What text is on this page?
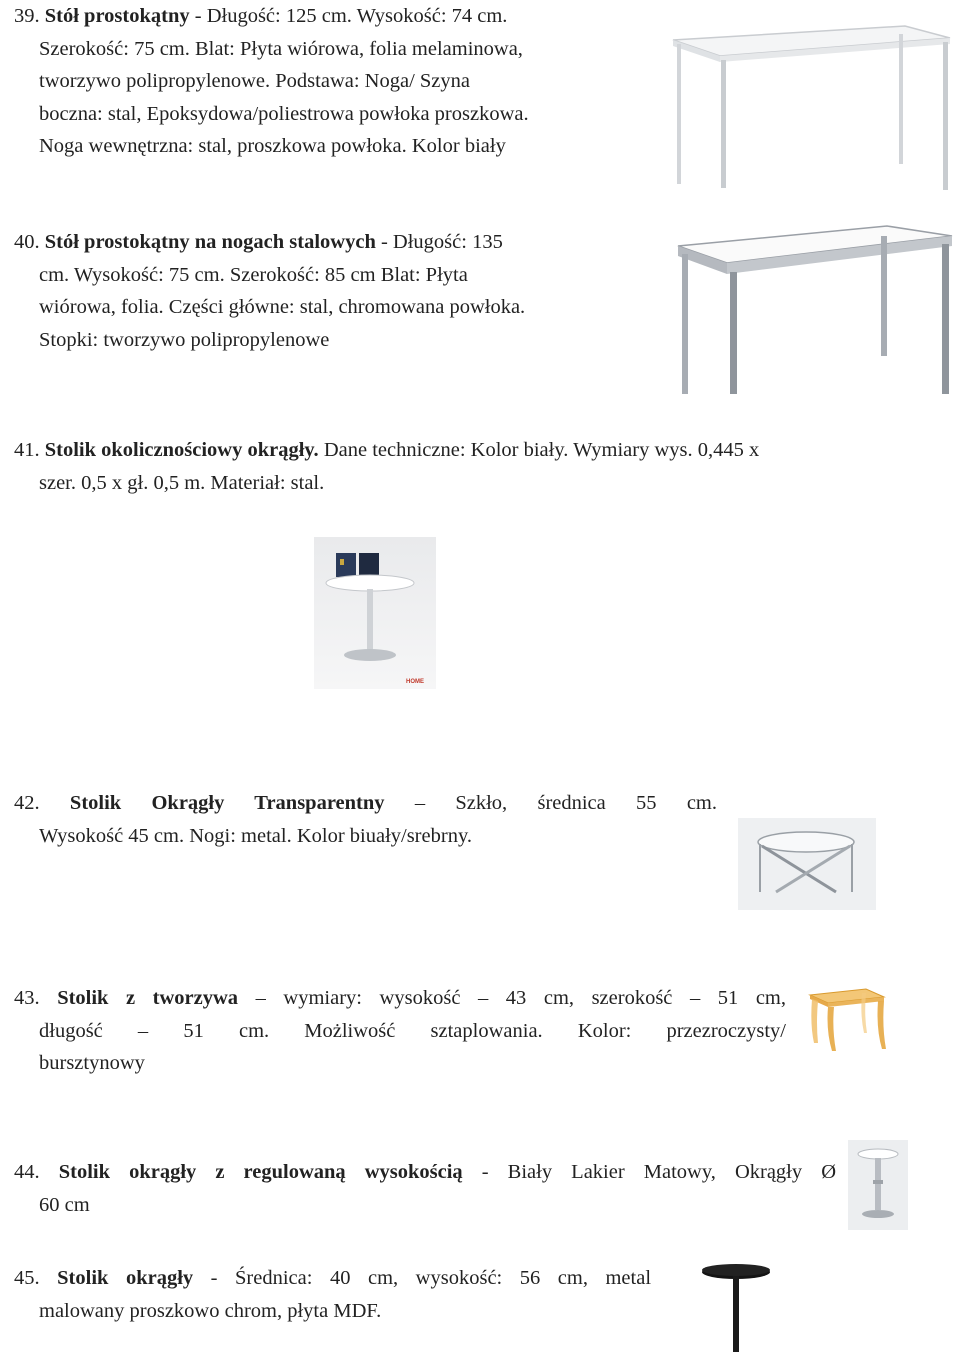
39. Stół prostokątny - Długość: 125 cm. Wysokość: 74 cm.
Szerokość: 75 cm. Blat: Płyta wiórowa, folia melaminowa,
tworzywo polipropylenowe. Podstawa: Noga/ Szyna
boczna: stal, Epoksydowa/poliestrowa powłoka proszkowa.
Noga wewnętrzna: stal, proszkowa powłoka. Kolor biały
40. Stół prostokątny na nogach stalowych - Długość: 135
cm. Wysokość: 75 cm. Szerokość: 85 cm Blat: Płyta
wiórowa, folia. Części główne: stal, chromowana powłoka.
Stopki: tworzywo polipropylenowe
41. Stolik okolicznościowy okrągły. Dane techniczne: Kolor biały. Wymiary wys. 0,445 x
szer. 0,5 x gł. 0,5 m. Materiał: stal.
HOME
42. Stolik Okrągły Transparentny – Szkło, średnica 55 cm.
Wysokość 45 cm. Nogi: metal. Kolor biuały/srebrny.
43. Stolik z tworzywa – wymiary: wysokość – 43 cm, szerokość – 51 cm,
długość – 51 cm. Możliwość sztaplowania. Kolor: przezroczysty/
bursztynowy
44. Stolik okrągły z regulowaną wysokością - Biały Lakier Matowy, Okrągły Ø
60 cm
45. Stolik okrągły - Średnica: 40 cm, wysokość: 56 cm, metal
malowany proszkowo chrom, płyta MDF.
